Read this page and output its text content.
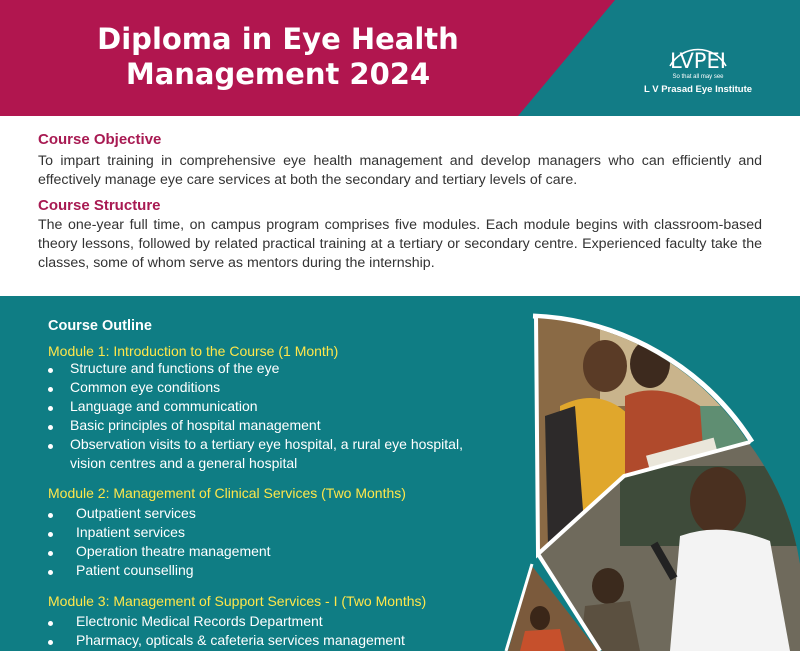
Diploma in Eye Health
Management 2024	LVPEI
So that all may see
L V Prasad Eye Institute
Course Objective
To impart training in comprehensive eye health management and develop managers who can efficiently and effectively manage eye care services at both the secondary and tertiary levels of care.
Course Structure
The one-year full time, on campus program comprises five modules. Each module begins with classroom-based theory lessons, followed by related practical training at a tertiary or secondary centre. Experienced faculty take the classes, some of whom serve as mentors during the internship.
Course Outline
Module 1: Introduction to the Course (1 Month)
Structure and functions of the eye
Common eye conditions
Language and communication
Basic principles of hospital management
Observation visits to a tertiary eye hospital, a rural eye hospital,
vision centres and a general hospital
Module 2: Management of Clinical Services (Two Months)
Outpatient services
Inpatient services
Operation theatre management
Patient counselling
Module 3: Management of Support Services - I (Two Months)
Electronic Medical Records Department
Pharmacy, opticals & cafeteria services management
